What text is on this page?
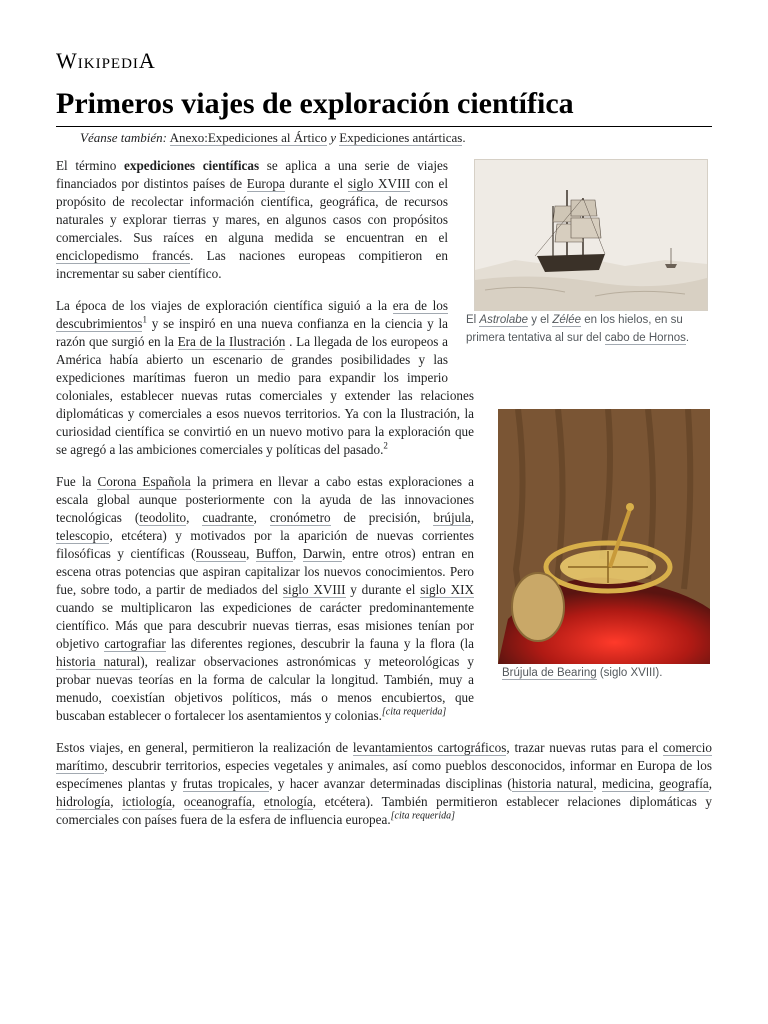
WikipediA
Primeros viajes de exploración científica
Véanse también: Anexo:Expediciones al Ártico y Expediciones antárticas.
El Astrolabe y el Zélée en los hielos, en su primera tentativa al sur del cabo de Hornos.

El término expediciones científicas se aplica a una serie de viajes financiados por distintos países de Europa durante el siglo XVIII con el propósito de recolectar información científica, geográfica, de recursos naturales y explorar tierras y mares, en algunos casos con propósitos comerciales. Sus raíces en alguna medida se encuentran en el enciclopedismo francés. Las naciones europeas compitieron en incrementar su saber científico.

La época de los viajes de exploración científica siguió a la era de los descubrimientos$^1$ y se inspiró en una nueva confianza en la ciencia y la razón que surgió en la Era de la Ilustración
Brújula de Bearing (siglo XVIII).
. La llegada de los europeos a América había abierto un escenario de grandes posibilidades y las expediciones marítimas fueron un medio para expandir los imperio coloniales, establecer nuevas rutas comerciales y extender las relaciones diplomáticas y comerciales a esos nuevos territorios. Ya con la Ilustración, la curiosidad científica se convirtió en un nuevo motivo para la exploración que se agregó a las ambiciones comerciales y políticas del pasado.$^2$

Fue la Corona Española la primera en llevar a cabo estas exploraciones a escala global aunque posteriormente con la ayuda de las innovaciones tecnológicas (teodolito, cuadrante, cronómetro de precisión, brújula, telescopio, etcétera) y motivados por la aparición de nuevas corrientes filosóficas y científicas (Rousseau, Buffon, Darwin, entre otros) entran en escena otras potencias que aspiran capitalizar los nuevos conocimientos. Pero fue, sobre todo, a partir de mediados del siglo XVIII y durante el siglo XIX cuando se multiplicaron las expediciones de carácter predominantemente científico. Más que para descubrir nuevas tierras, esas misiones tenían por objetivo cartografiar las diferentes regiones, descubrir la fauna y la flora (la historia natural), realizar observaciones astronómicas y meteorológicas y probar nuevas teorías en la forma de calcular la longitud. También, muy a menudo, coexistían objetivos políticos, más o menos encubiertos, que buscaban establecer o fortalecer los asentamientos y colonias.[cita requerida]

Estos viajes, en general, permitieron la realización de levantamientos cartográficos, trazar nuevas rutas para el comercio marítimo, descubrir territorios, especies vegetales y animales, así como pueblos desconocidos, informar en Europa de los especímenes plantas y frutas tropicales, y hacer avanzar determinadas disciplinas (historia natural, medicina, geografía, hidrología, ictiología, oceanografía, etnología, etcétera). También permitieron establecer relaciones diplomáticas y comerciales con países fuera de la esfera de influencia europea.[cita requerida]
